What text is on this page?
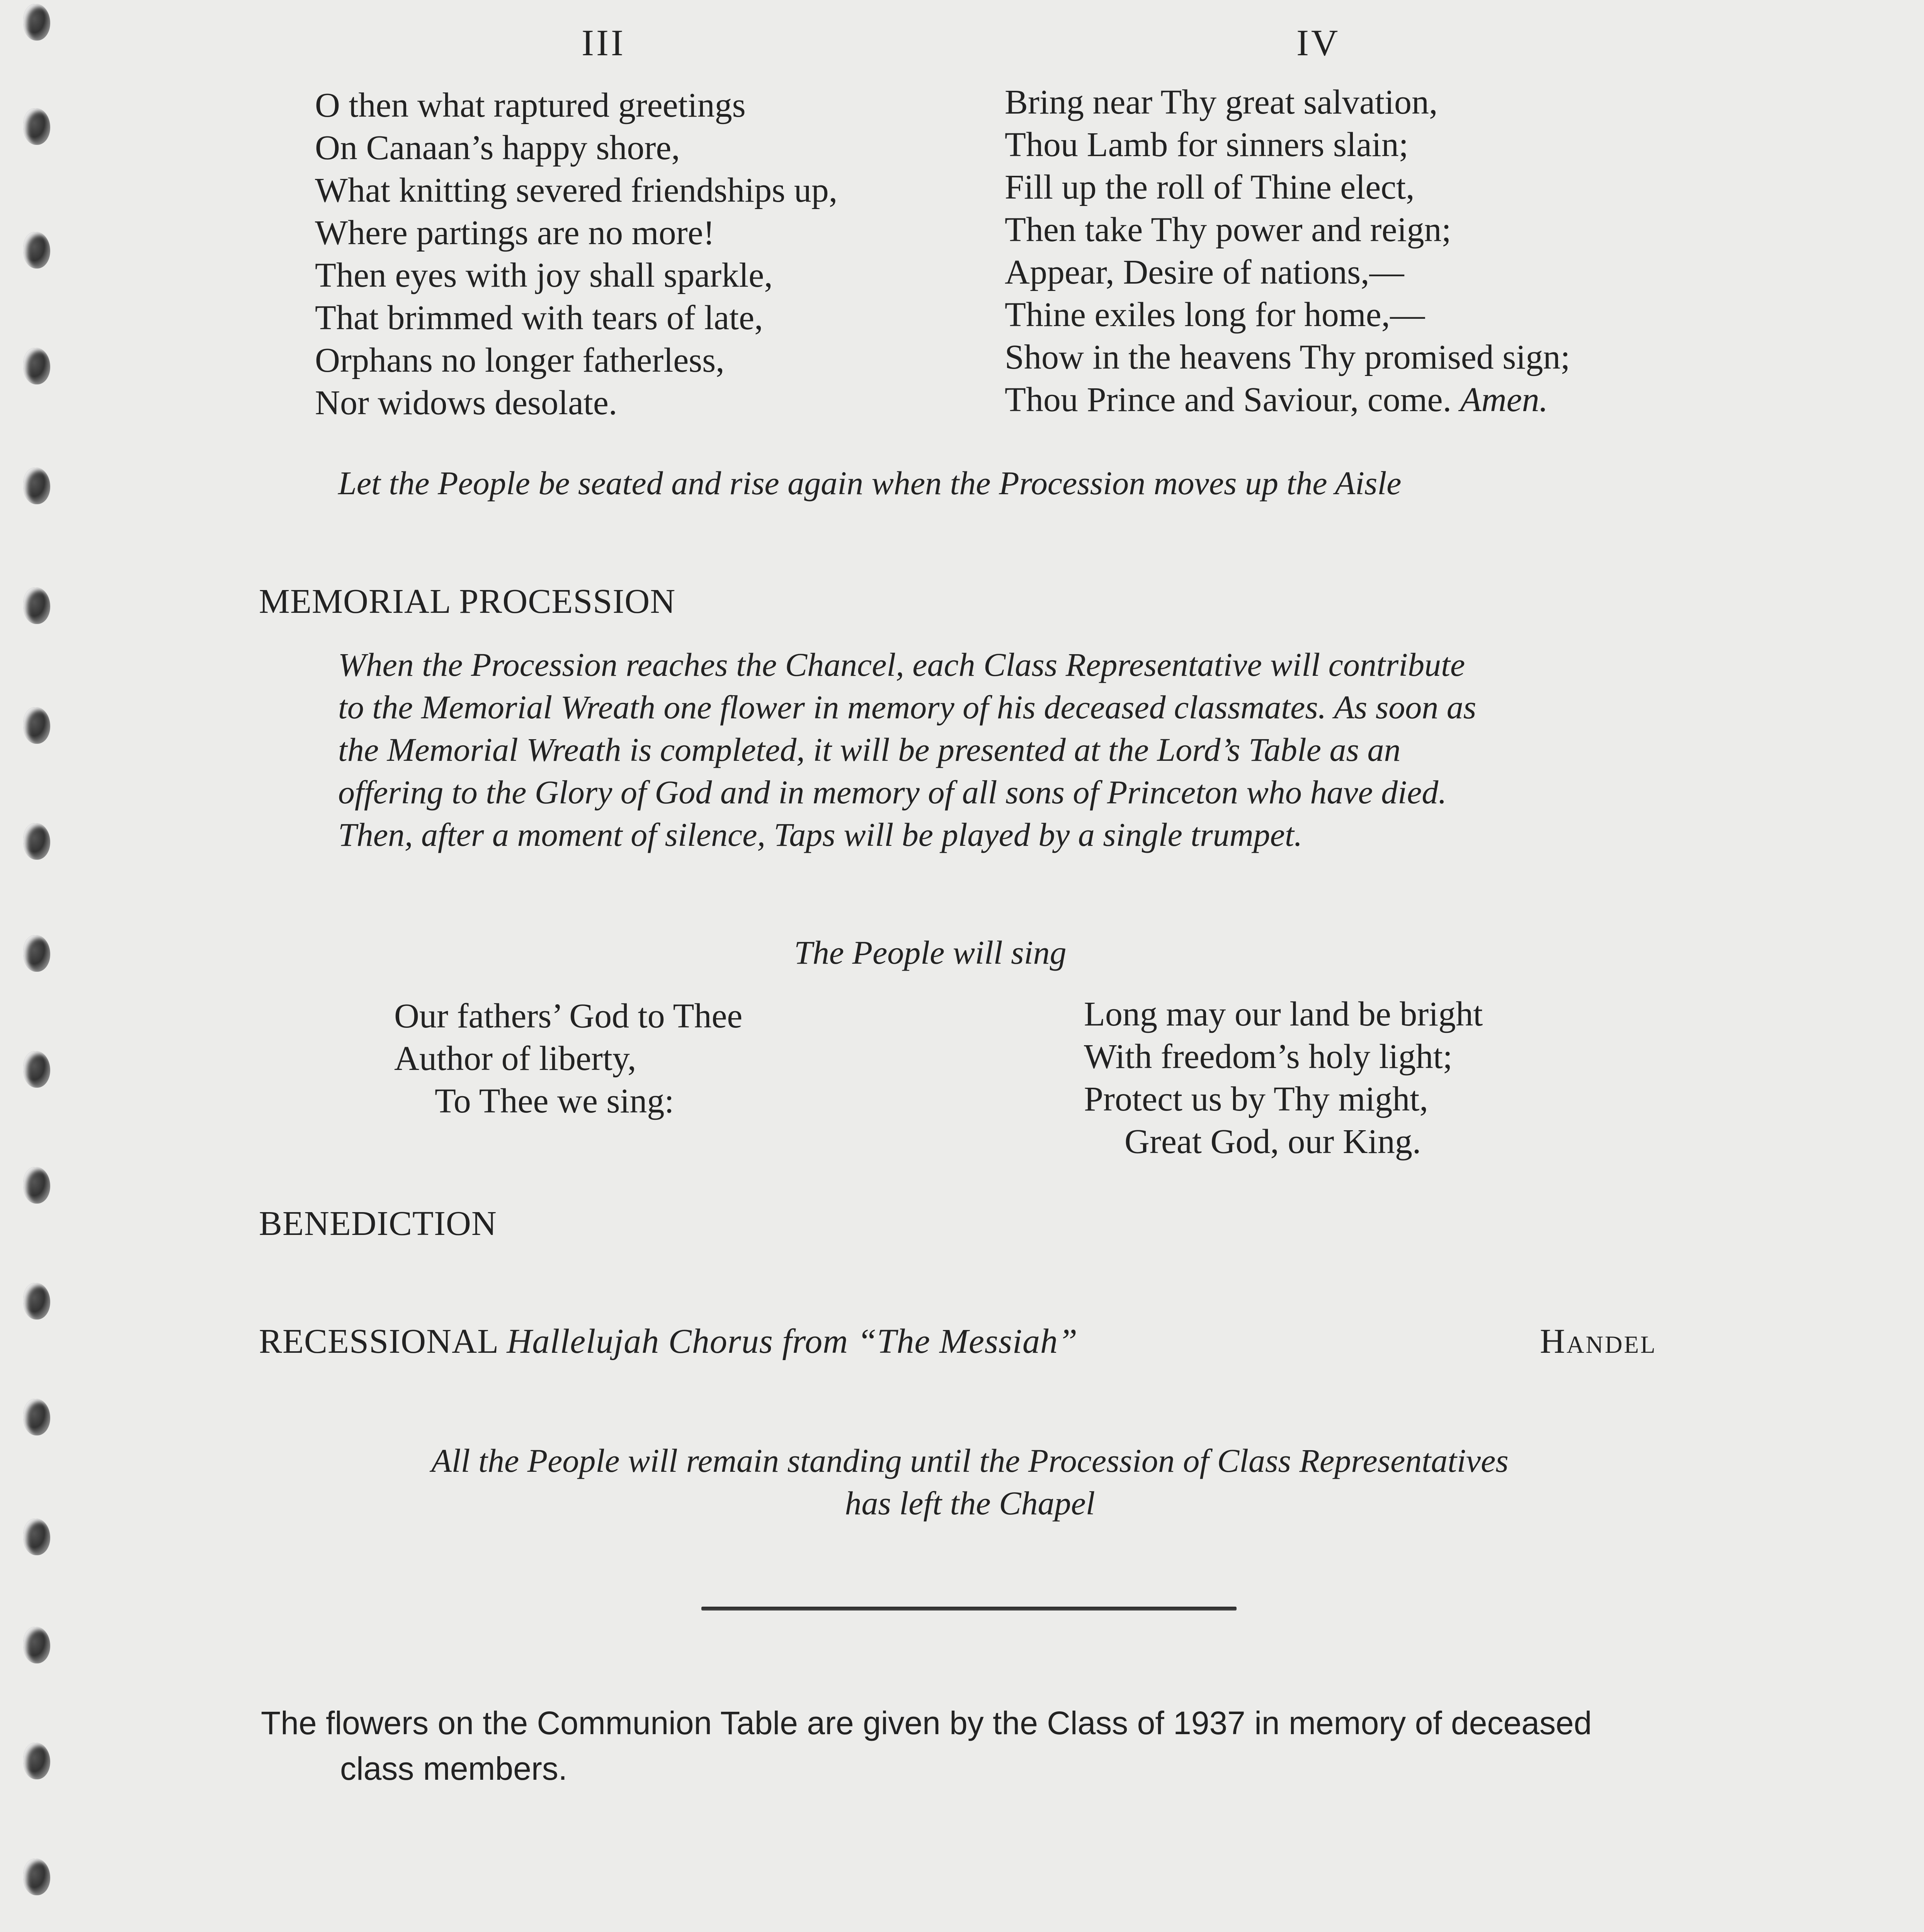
III
O then what raptured greetings
On Canaan’s happy shore,
What knitting severed friendships up,
Where partings are no more!
Then eyes with joy shall sparkle,
That brimmed with tears of late,
Orphans no longer fatherless,
Nor widows desolate.
IV
Bring near Thy great salvation,
Thou Lamb for sinners slain;
Fill up the roll of Thine elect,
Then take Thy power and reign;
Appear, Desire of nations,—
Thine exiles long for home,—
Show in the heavens Thy promised sign;
Thou Prince and Saviour, come. Amen.
Let the People be seated and rise again when the Procession moves up the Aisle
MEMORIAL PROCESSION
When the Procession reaches the Chancel, each Class Representative will contribute
to the Memorial Wreath one flower in memory of his deceased classmates. As soon as
the Memorial Wreath is completed, it will be presented at the Lord’s Table as an
offering to the Glory of God and in memory of all sons of Princeton who have died.
Then, after a moment of silence, Taps will be played by a single trumpet.
The People will sing
Our fathers’ God to Thee
Author of liberty,
To Thee we sing:
Long may our land be bright
With freedom’s holy light;
Protect us by Thy might,
Great God, our King.
BENEDICTION
RECESSIONAL Hallelujah Chorus from “The Messiah”	Handel
All the People will remain standing until the Procession of Class Representatives
has left the Chapel
The flowers on the Communion Table are given by the Class of 1937 in memory of deceased
class members.
